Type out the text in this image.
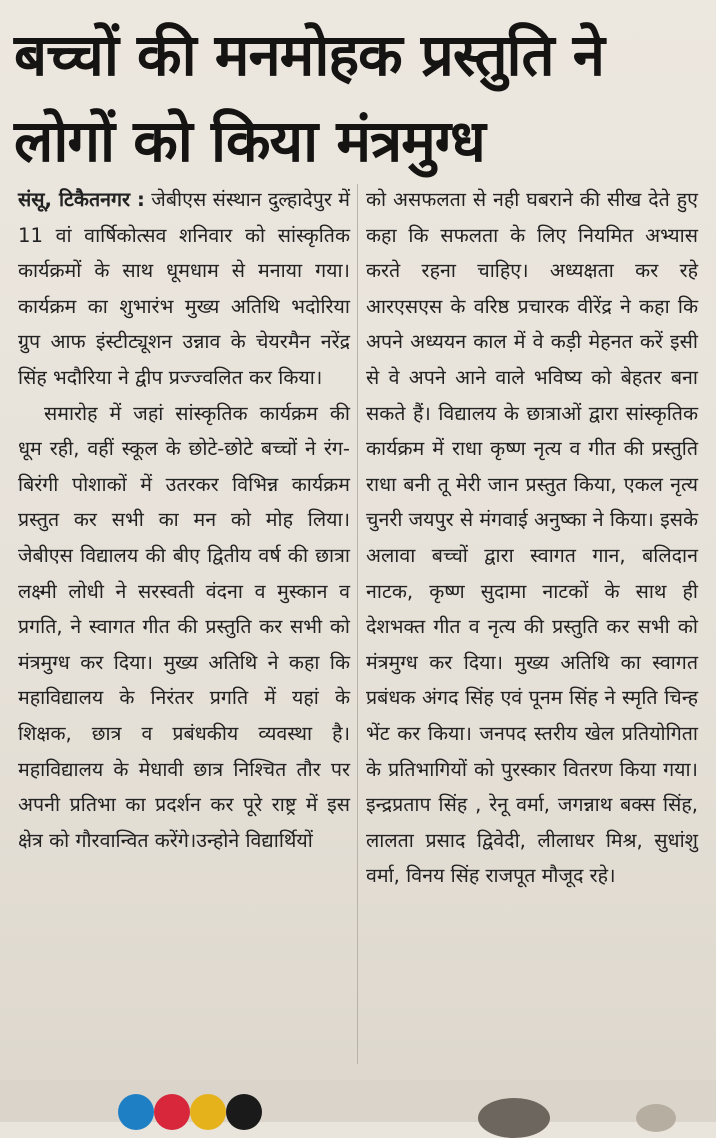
बच्चों की मनमोहक प्रस्तुति ने
लोगों को किया मंत्रमुग्ध

संसू, टिकैतनगर : जेबीएस संस्थान दुल्हादेपुर में 11 वां वार्षिकोत्सव शनिवार को सांस्कृतिक कार्यक्रमों के साथ धूमधाम से मनाया गया। कार्यक्रम का शुभारंभ मुख्य अतिथि भदोरिया ग्रुप आफ इंस्टीट्यूशन उन्नाव के चेयरमैन नरेंद्र सिंह भदौरिया ने द्वीप प्रज्ज्वलित कर किया।

समारोह में जहां सांस्कृतिक कार्यक्रम की धूम रही, वहीं स्कूल के छोटे-छोटे बच्चों ने रंग-बिरंगी पोशाकों में उतरकर विभिन्न कार्यक्रम प्रस्तुत कर सभी का मन को मोह लिया। जेबीएस विद्यालय की बीए द्वितीय वर्ष की छात्रा लक्ष्मी लोधी ने सरस्वती वंदना व मुस्कान व प्रगति, ने स्वागत गीत की प्रस्तुति कर सभी को मंत्रमुग्ध कर दिया। मुख्य अतिथि ने कहा कि महाविद्यालय के निरंतर प्रगति में यहां के शिक्षक, छात्र व प्रबंधकीय व्यवस्था है। महाविद्यालय के मेधावी छात्र निश्चित तौर पर अपनी प्रतिभा का प्रदर्शन कर पूरे राष्ट्र में इस क्षेत्र को गौरवान्वित करेंगे।उन्होने विद्यार्थियों

को असफलता से नही घबराने की सीख देते हुए कहा कि सफलता के लिए नियमित अभ्यास करते रहना चाहिए। अध्यक्षता कर रहे आरएसएस के वरिष्ठ प्रचारक वीरेंद्र ने कहा कि अपने अध्ययन काल में वे कड़ी मेहनत करें इसी से वे अपने आने वाले भविष्य को बेहतर बना सकते हैं। विद्यालय के छात्राओं द्वारा सांस्कृतिक कार्यक्रम में राधा कृष्ण नृत्य व गीत की प्रस्तुति राधा बनी तू मेरी जान प्रस्तुत किया, एकल नृत्य चुनरी जयपुर से मंगवाई अनुष्का ने किया। इसके अलावा बच्चों द्वारा स्वागत गान, बलिदान नाटक, कृष्ण सुदामा नाटकों के साथ ही देशभक्त गीत व नृत्य की प्रस्तुति कर सभी को मंत्रमुग्ध कर दिया। मुख्य अतिथि का स्वागत प्रबंधक अंगद सिंह एवं पूनम सिंह ने स्मृति चिन्ह भेंट कर किया। जनपद स्तरीय खेल प्रतियोगिता के प्रतिभागियों को पुरस्कार वितरण किया गया। इन्द्रप्रताप सिंह , रेनू वर्मा, जगन्नाथ बक्स सिंह, लालता प्रसाद द्विवेदी, लीलाधर मिश्र, सुधांशु वर्मा, विनय सिंह राजपूत मौजूद रहे।
